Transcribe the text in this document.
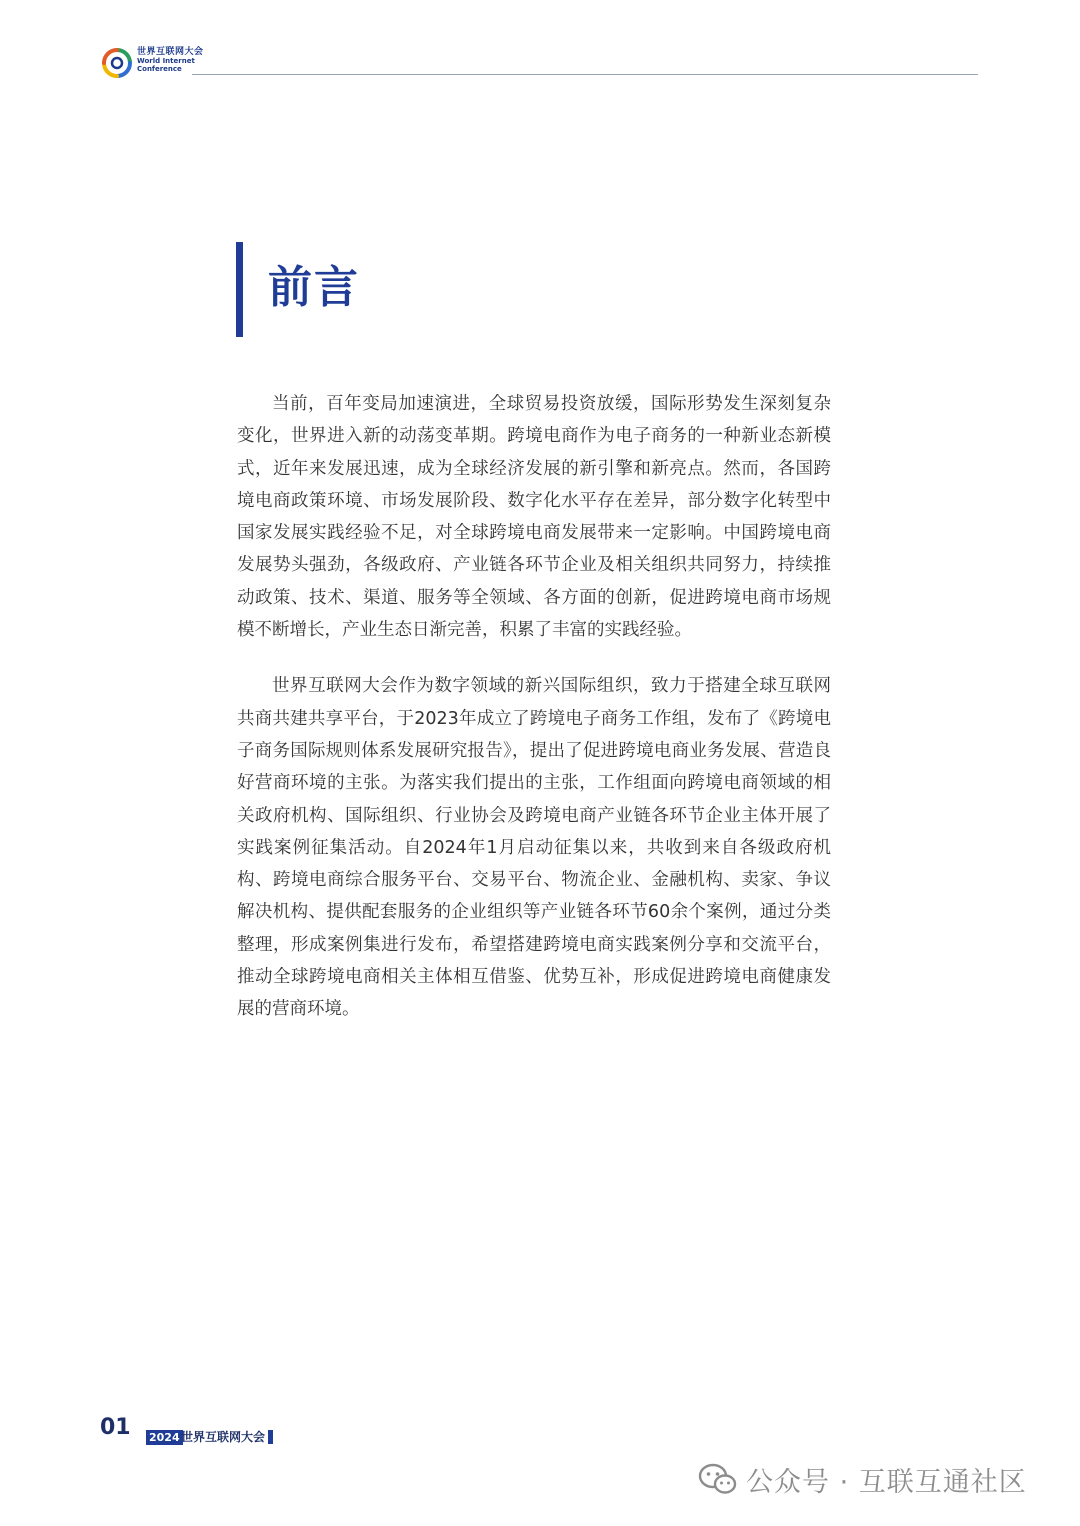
世界互联网大会
World Internet
Conference
前言

当前，百年变局加速演进，全球贸易投资放缓，国际形势发生深刻复杂变化，世界进入新的动荡变革期。跨境电商作为电子商务的一种新业态新模式，近年来发展迅速，成为全球经济发展的新引擎和新亮点。然而，各国跨境电商政策环境、市场发展阶段、数字化水平存在差异，部分数字化转型中国家发展实践经验不足，对全球跨境电商发展带来一定影响。中国跨境电商发展势头强劲，各级政府、产业链各环节企业及相关组织共同努力，持续推动政策、技术、渠道、服务等全领域、各方面的创新，促进跨境电商市场规模不断增长，产业生态日渐完善，积累了丰富的实践经验。

世界互联网大会作为数字领域的新兴国际组织，致力于搭建全球互联网共商共建共享平台，于2023年成立了跨境电子商务工作组，发布了《跨境电子商务国际规则体系发展研究报告》，提出了促进跨境电商业务发展、营造良好营商环境的主张。为落实我们提出的主张，工作组面向跨境电商领域的相关政府机构、国际组织、行业协会及跨境电商产业链各环节企业主体开展了实践案例征集活动。自2024年1月启动征集以来，共收到来自各级政府机构、跨境电商综合服务平台、交易平台、物流企业、金融机构、卖家、争议解决机构、提供配套服务的企业组织等产业链各环节60余个案例，通过分类整理，形成案例集进行发布，希望搭建跨境电商实践案例分享和交流平台，推动全球跨境电商相关主体相互借鉴、优势互补，形成促进跨境电商健康发展的营商环境。

01 2024 世界互联网大会
公众号 · 互联互通社区
